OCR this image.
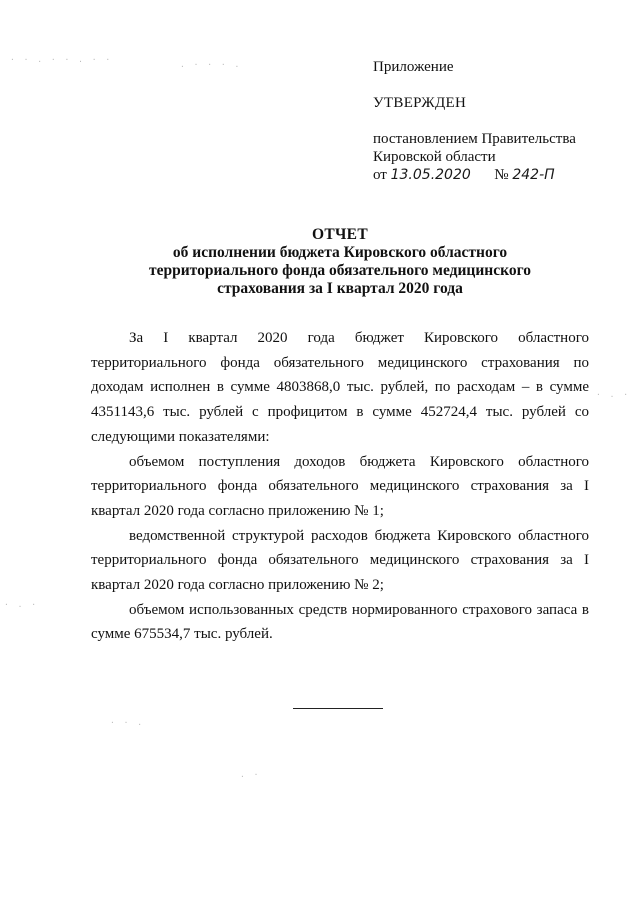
Приложение
УТВЕРЖДЕН
постановлением Правительства
Кировской области
от 13.05.2020 № 242-П
ОТЧЕТ
об исполнении бюджета Кировского областного
территориального фонда обязательного медицинского
страхования за I квартал 2020 года

За I квартал 2020 года бюджет Кировского областного территориального фонда обязательного медицинского страхования по доходам исполнен в сумме 4803868,0 тыс. рублей, по расходам – в сумме 4351143,6 тыс. рублей с профицитом в сумме 452724,4 тыс. рублей со следующими показателями:

объемом поступления доходов бюджета Кировского областного территориального фонда обязательного медицинского страхования за I квартал 2020 года согласно приложению № 1;

ведомственной структурой расходов бюджета Кировского областного территориального фонда обязательного медицинского страхования за I квартал 2020 года согласно приложению № 2;

объемом использованных средств нормированного страхового запаса в сумме 675534,7 тыс. рублей.

· · . · · . · ·
. · · · .
· . ·
· . ·
· · .
. ·
